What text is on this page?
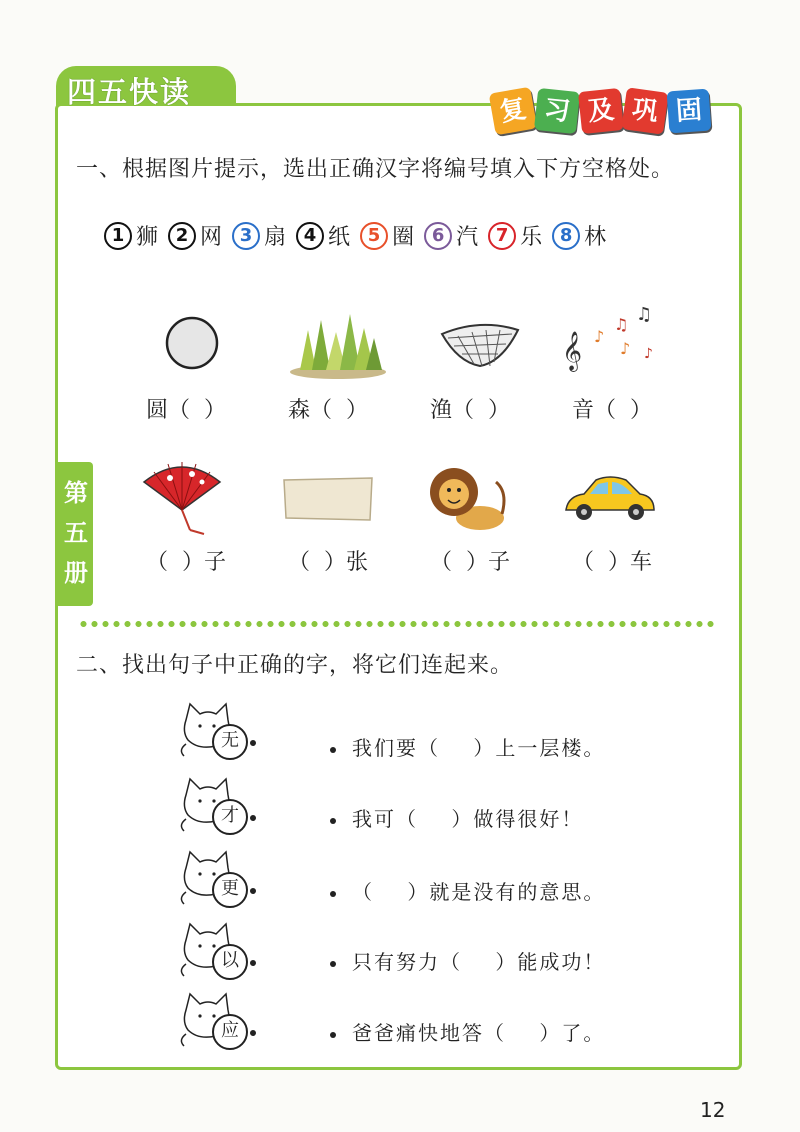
四五快读
复 习 及 巩 固
第
五
册
一、根据图片提示，选出正确汉字将编号填入下方空格处。
1 狮 2 网 3 扇 4 纸 5 圈 6 汽 7 乐 8 林
𝄞 ♪
♫ ♫
♪ ♪
圆（  ）	森（  ）	渔（  ）	音（  ）
（  ）子	（  ）张	（  ）子	（  ）车
二、找出句子中正确的字，将它们连起来。
无
才
更
以
应
我们要（    ）上一层楼。
我可（    ）做得很好！
（    ）就是没有的意思。
只有努力（    ）能成功！
爸爸痛快地答（    ）了。
12
